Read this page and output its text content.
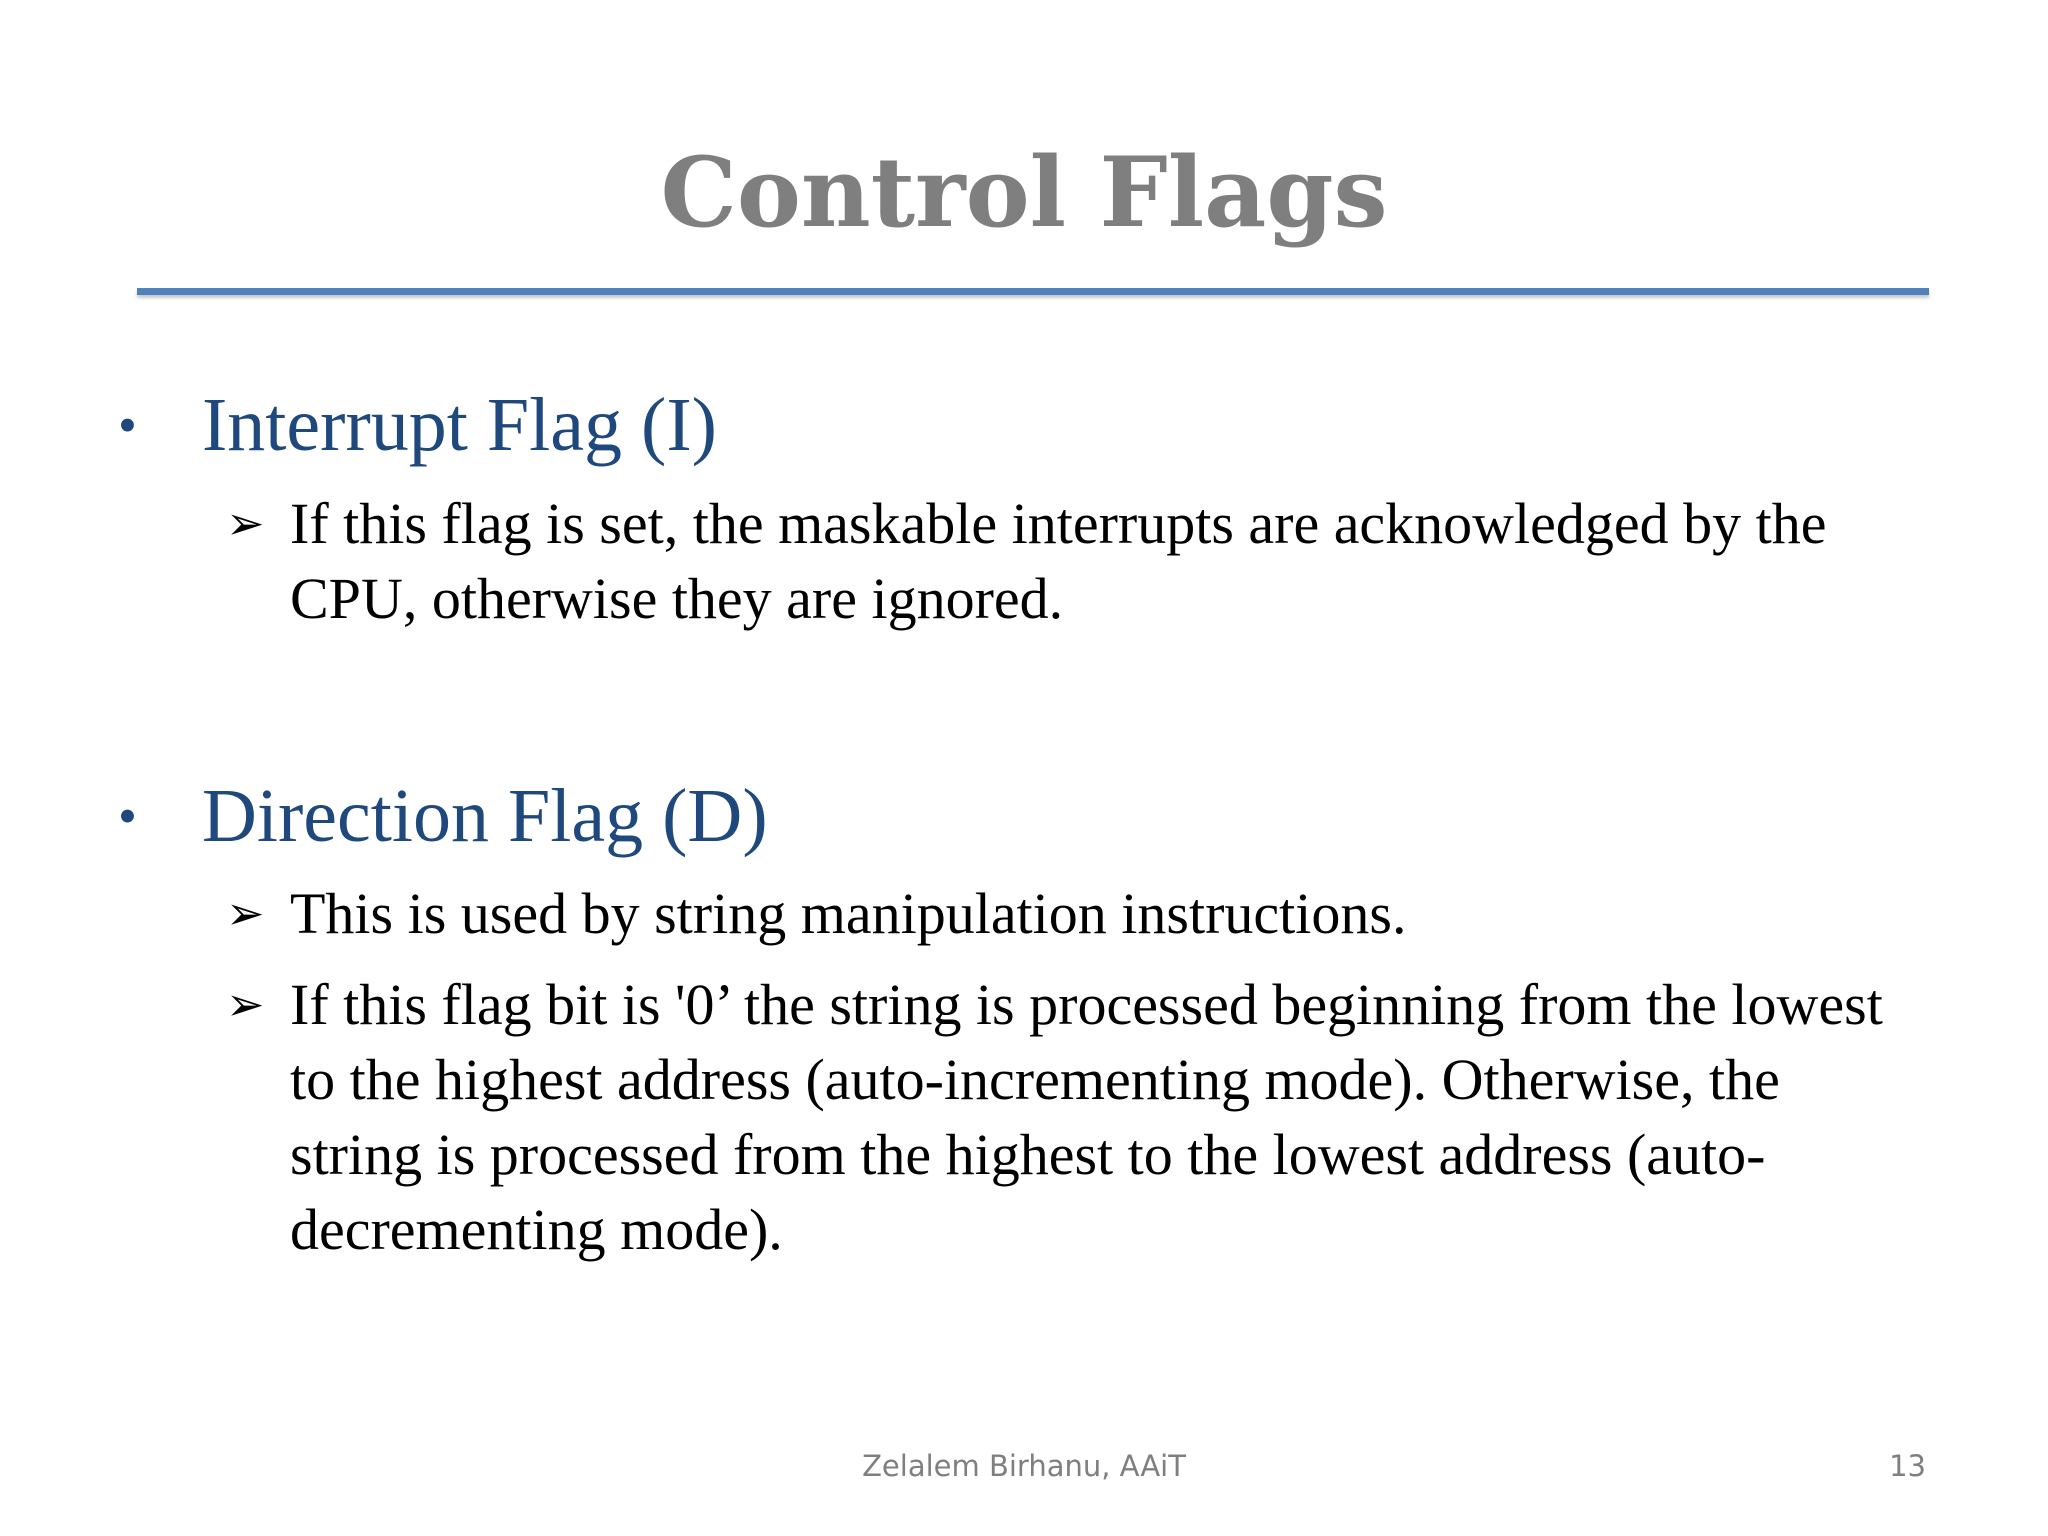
Control Flags
• Interrupt Flag (I)
➢ If this flag is set, the maskable interrupts are acknowledged by the CPU, otherwise they are ignored.
• Direction Flag (D)
➢ This is used by string manipulation instructions.
➢ If this flag bit is '0’ the string is processed beginning from the lowest to the highest address (auto-incrementing mode). Otherwise, the string is processed from the highest to the lowest address (auto-decrementing mode).
Zelalem Birhanu, AAiT	13
